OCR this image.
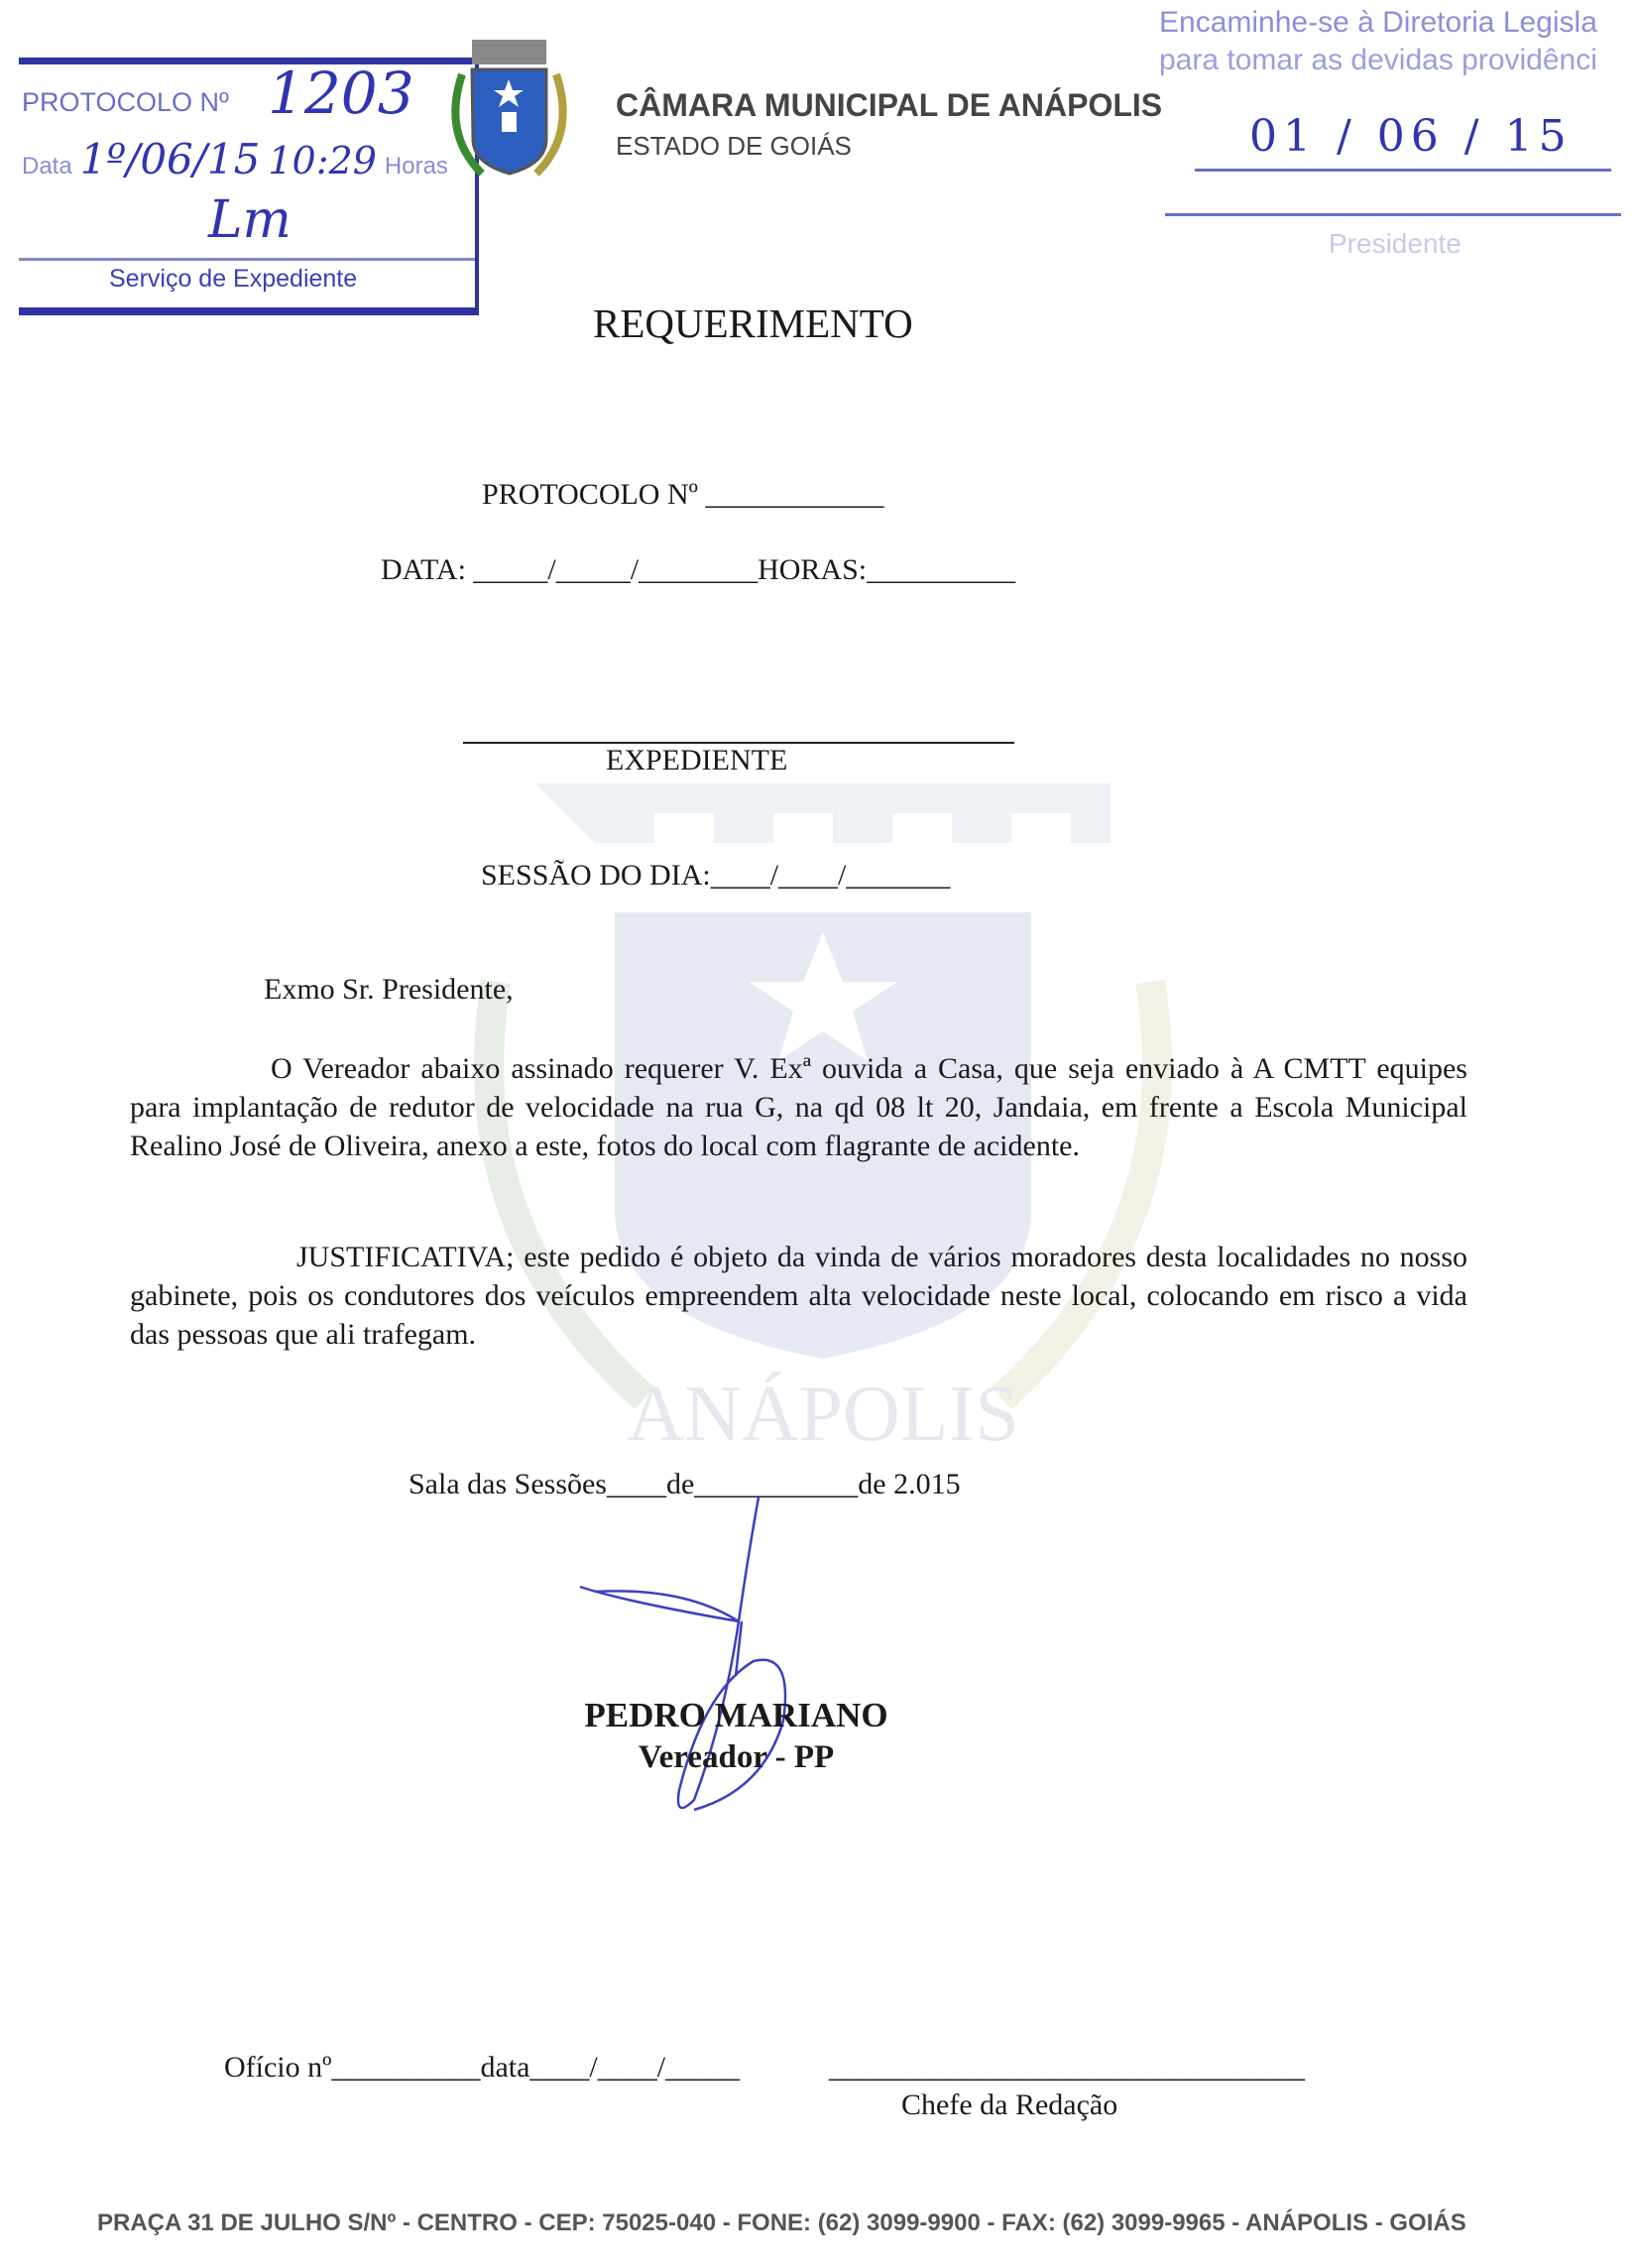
ANÁPOLIS
PROTOCOLO Nº 1203
Data 1º/06/15 10:29 Horas
Lm
Serviço de Expediente
CÂMARA MUNICIPAL DE ANÁPOLIS
ESTADO DE GOIÁS
Encaminhe-se à Diretoria Legisla
para tomar as devidas providênci
01 / 06 / 15
Presidente
REQUERIMENTO
PROTOCOLO Nº ____________
DATA: _____/_____/________HORAS:__________
EXPEDIENTE
SESSÃO DO DIA:____/____/_______
Exmo Sr. Presidente,
O Vereador abaixo assinado requerer V. Exª ouvida a Casa, que seja enviado à A CMTT equipes para implantação de redutor de velocidade na rua G, na qd 08 lt 20, Jandaia, em frente a Escola Municipal Realino José de Oliveira, anexo a este, fotos do local com flagrante de acidente.
JUSTIFICATIVA; este pedido é objeto da vinda de vários moradores desta localidades no nosso gabinete, pois os condutores dos veículos empreendem alta velocidade neste local, colocando em risco a vida das pessoas que ali trafegam.
Sala das Sessões____de___________de 2.015
PEDRO MARIANO
Vereador - PP
Ofício nº__________data____/____/_____	________________________________
Chefe da Redação
PRAÇA 31 DE JULHO S/Nº - CENTRO - CEP: 75025-040 - FONE: (62) 3099-9900 - FAX: (62) 3099-9965 - ANÁPOLIS - GOIÁS
